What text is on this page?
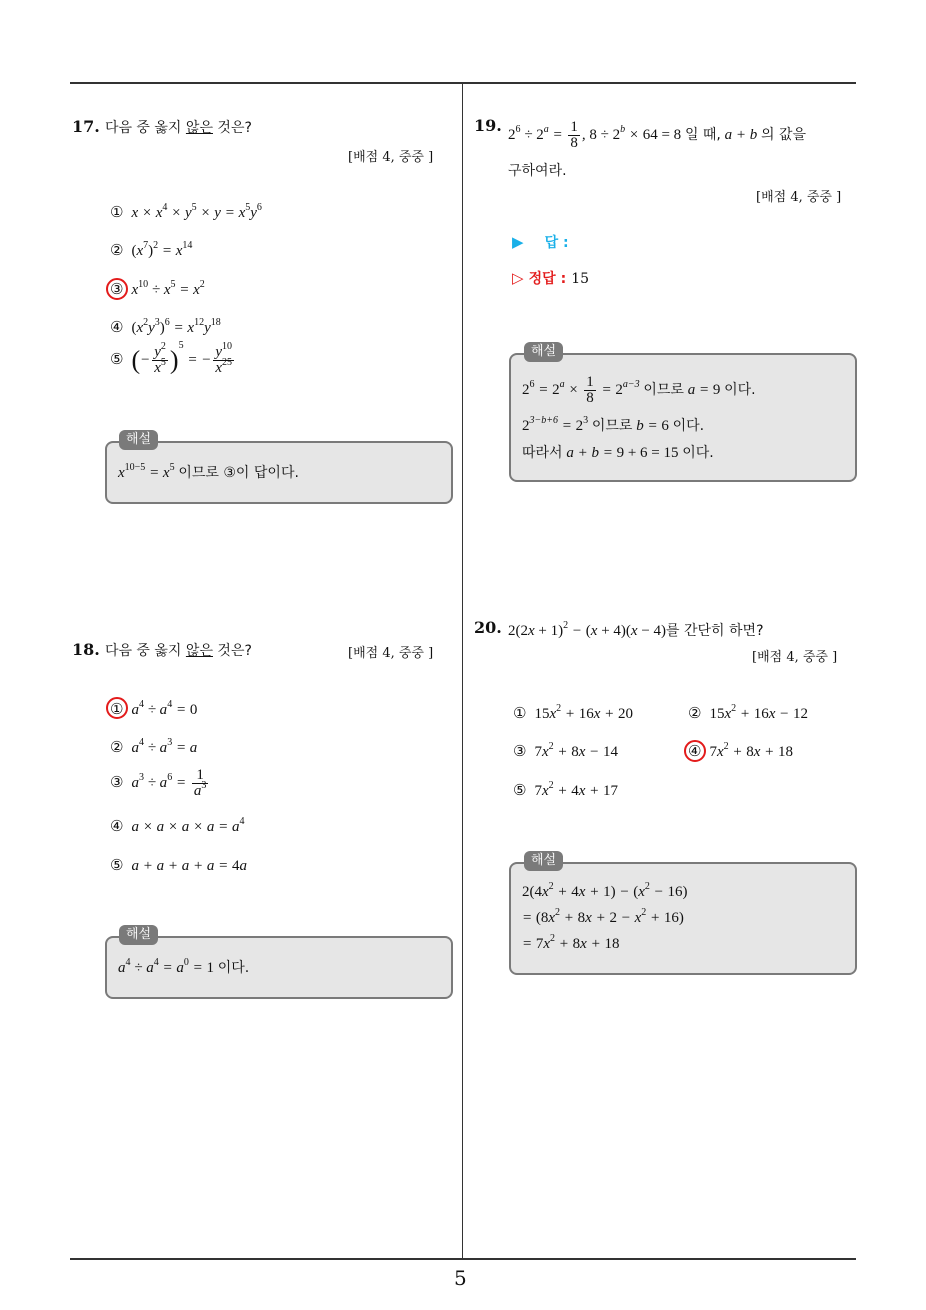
5
17. 다음 중 옳지 않은 것은?
[배점 4, 중중 ]
① $x \times x^4 \times y^5 \times y = x^5y^6$
② $(x^7)^2 = x^{14}$
③ $x^{10} \div x^5 = x^2$
④ $(x^2y^3)^6 = x^{12}y^{18}$
⑤ (− $\frac{y^2}{x^5} )^5$ = − $\frac{y^{10}}{x^{25}}$
해설
$x^{10-5} = x^5$ 이므로 ③이 답이다.
18. 다음 중 옳지 않은 것은?	[배점 4, 중중 ]
① $a^4 \div a^4 = 0$
② $a^4 \div a^3 = a$
③ $a^3 \div a^6 = \frac{1}{a^3}$
④ $a \times a \times a \times a = a^4$
⑤ a + a + a + a = 4a
해설
$a^4 \div a^4 = a^0 = 1$ 이다.
19. $2^6 \div 2^a = \frac{1}{8}$ , $8 \div 2^b \times 64 = 8$ 일 때, a + b 의 값을
구하여라.
[배점 4, 중중 ]
▶ 답 :
▷ 정답 : 15
해설
$2^6 = 2^a \times \frac{1}{8} = 2^{a-3}$ 이므로 a = 9 이다.
$2^{3-b+6} = 2^3$ 이므로 b = 6 이다.
따라서 a + b = 9 + 6 = 15 이다.
20. $2(2x + 1)^2 - (x + 4)(x - 4)$를 간단히 하면?
[배점 4, 중중 ]
① $15x^2 + 16x + 20$	② $15x^2 + 16x - 12$
③ $7x^2 + 8x - 14$	④ $7x^2 + 8x + 18$
⑤ $7x^2 + 4x + 17$
해설
$2(4x^2 + 4x + 1) - (x^2 - 16)$
= $(8x^2 + 8x + 2 - x^2 + 16)$
= $7x^2 + 8x + 18$
